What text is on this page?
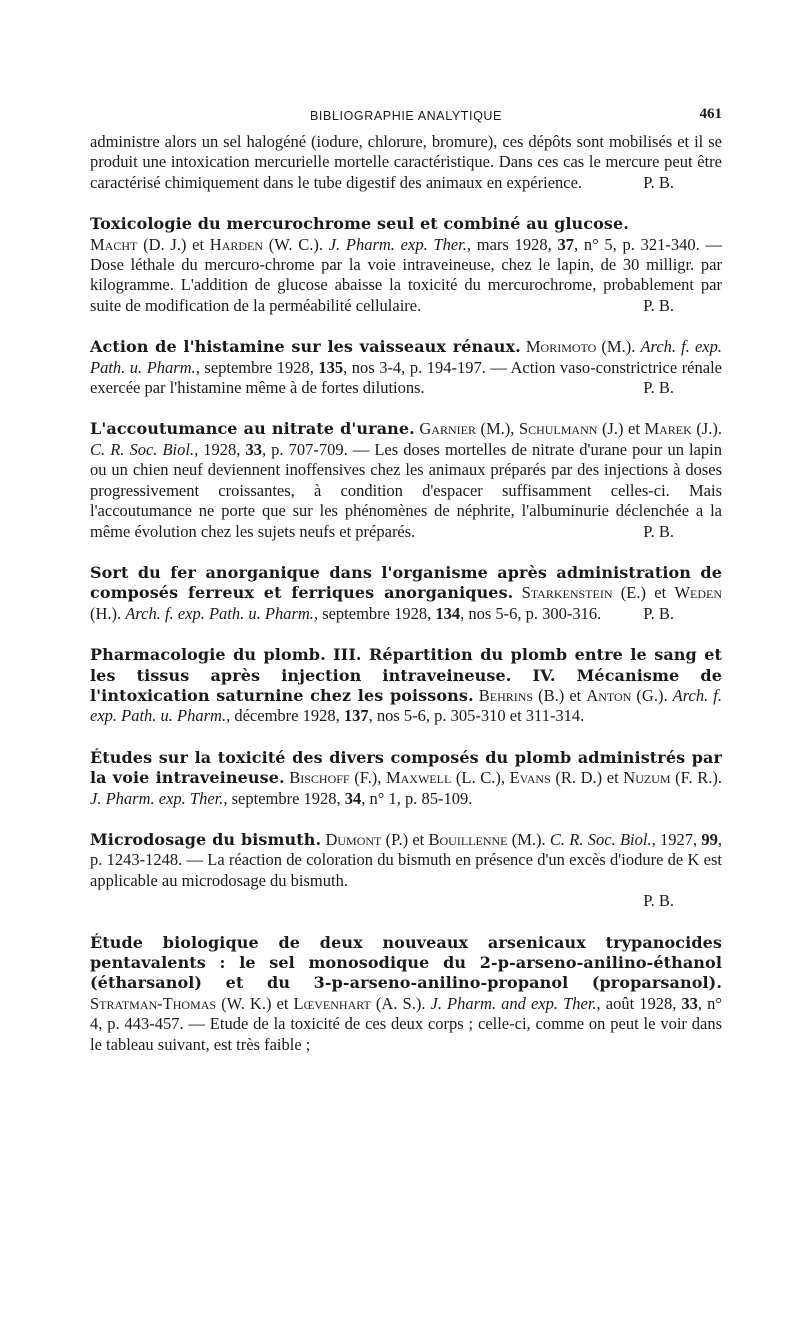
BIBLIOGRAPHIE ANALYTIQUE	461

administre alors un sel halogéné (iodure, chlorure, bromure), ces dépôts sont mobilisés et il se produit une intoxication mercurielle mortelle caractéristique. Dans ces cas le mercure peut être caractérisé chimiquement dans le tube digestif des animaux en expérience.	P. B.

Toxicologie du mercurochrome seul et combiné au glucose.

Macht (D. J.) et Harden (W. C.). J. Pharm. exp. Ther., mars 1928, 37, n° 5, p. 321-340. — Dose léthale du mercuro-chrome par la voie intraveineuse, chez le lapin, de 30 milligr. par kilogramme. L'addition de glucose abaisse la toxicité du mercurochrome, probablement par suite de modification de la perméabilité cellulaire.	P. B.

Action de l'histamine sur les vaisseaux rénaux. Morimoto (M.). Arch. f. exp. Path. u. Pharm., septembre 1928, 135, nos 3-4, p. 194-197. — Action vaso-constrictrice rénale exercée par l'histamine même à de fortes dilutions.	P. B.

L'accoutumance au nitrate d'urane. Garnier (M.), Schulmann (J.) et Marek (J.). C. R. Soc. Biol., 1928, 33, p. 707-709. — Les doses mortelles de nitrate d'urane pour un lapin ou un chien neuf deviennent inoffensives chez les animaux préparés par des injections à doses progressivement croissantes, à condition d'espacer suffisamment celles-ci. Mais l'accoutumance ne porte que sur les phénomènes de néphrite, l'albuminurie déclenchée a la même évolution chez les sujets neufs et préparés.	P. B.

Sort du fer anorganique dans l'organisme après administration de composés ferreux et ferriques anorganiques. Starkenstein (E.) et Weden (H.). Arch. f. exp. Path. u. Pharm., septembre 1928, 134, nos 5-6, p. 300-316.	P. B.

Pharmacologie du plomb. III. Répartition du plomb entre le sang et les tissus après injection intraveineuse. IV. Mécanisme de l'intoxication saturnine chez les poissons. Behrins (B.) et Anton (G.). Arch. f. exp. Path. u. Pharm., décembre 1928, 137, nos 5-6, p. 305-310 et 311-314.

Études sur la toxicité des divers composés du plomb administrés par la voie intraveineuse. Bischoff (F.), Maxwell (L. C.), Evans (R. D.) et Nuzum (F. R.). J. Pharm. exp. Ther., septembre 1928, 34, n° 1, p. 85-109.

Microdosage du bismuth. Dumont (P.) et Bouillenne (M.). C. R. Soc. Biol., 1927, 99, p. 1243-1248. — La réaction de coloration du bismuth en présence d'un excès d'iodure de K est applicable au microdosage du bismuth.

P. B.

Étude biologique de deux nouveaux arsenicaux trypanocides pentavalents : le sel monosodique du 2-p-arseno-anilino-éthanol (étharsanol) et du 3-p-arseno-anilino-propanol (proparsanol). Stratman-Thomas (W. K.) et Lœvenhart (A. S.). J. Pharm. and exp. Ther., août 1928, 33, n° 4, p. 443-457. — Etude de la toxicité de ces deux corps ; celle-ci, comme on peut le voir dans le tableau suivant, est très faible ;
